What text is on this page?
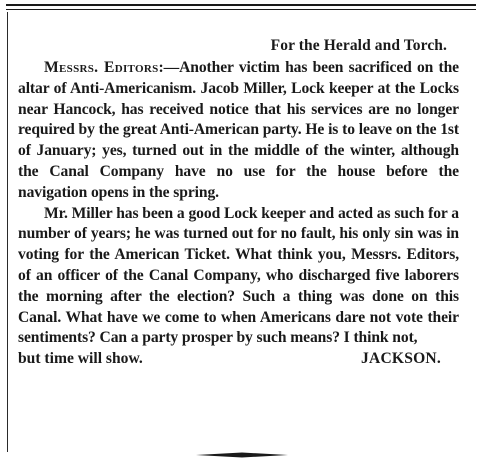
For the Herald and Torch.

Messrs. Editors:—Another victim has been sacrificed on the altar of Anti-Americanism. Jacob Miller, Lock keeper at the Locks near Hancock, has received notice that his services are no longer required by the great Anti-American party. He is to leave on the 1st of January; yes, turned out in the middle of the winter, although the Canal Company have no use for the house before the navigation opens in the spring.

Mr. Miller has been a good Lock keeper and acted as such for a number of years; he was turned out for no fault, his only sin was in voting for the American Ticket. What think you, Messrs. Editors, of an officer of the Canal Company, who discharged five laborers the morning after the election? Such a thing was done on this Canal. What have we come to when Americans dare not vote their sentiments? Can a party prosper by such means? I think not,

but time will show.	JACKSON.
